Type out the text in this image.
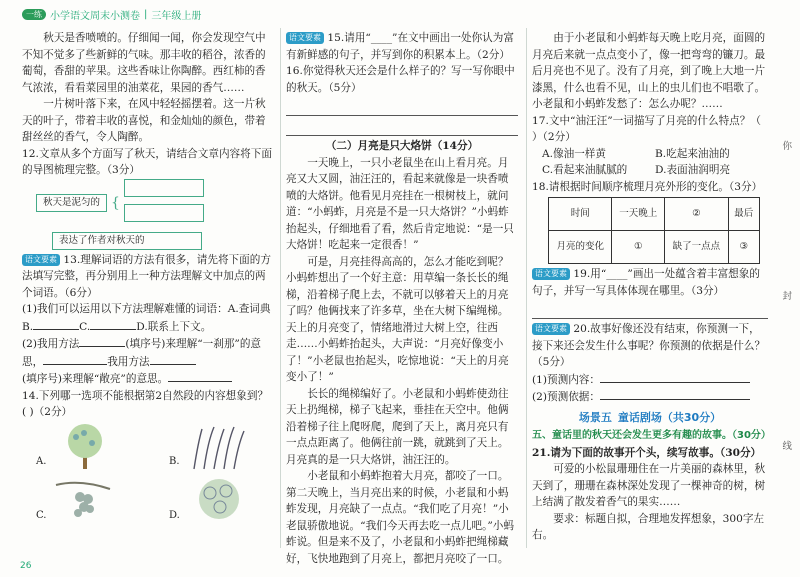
一练 小学语文周末小测卷 | 三年级上册

秋天是香喷喷的。仔细闻一闻，你会发现空气中不知不觉多了些新鲜的气味。那丰收的稻谷，浓香的葡萄，香甜的苹果。这些香味让你陶醉。西红柿的香气浓浓，看看菜园里的油菜花，果园的香气……

一片树叶落下来，在风中轻轻摇摆着。这一片秋天的叶子，带着丰收的喜悦，和金灿灿的颜色，带着甜丝丝的香气，令人陶醉。

12.文章从多个方面写了秋天，请结合文章内容将下面的导图梳理完整。（3分）

秋天是泥匀的 {

表达了作者对秋天的

语文要素 13.理解词语的方法有很多，请先将下面的方法填写完整，再分别用上一种方法理解文中加点的两个词语。（6分）

(1)我们可以运用以下方法理解难懂的词语：A.查词典 B.	C.	D.联系上下文。

(2)我用方法	(填序号)来理解“一刹那”的意思，	我用方法

(填序号)来理解“敞亮”的意思。

14.下列哪一选项不能根据第2自然段的内容想象到？

( )（2分）

A.	B.
C.	D.

语文要素 15.请用“____”在文中画出一处你认为富有新鲜感的句子，并写到你的积累本上。（2分）

16.你觉得秋天还会是什么样子的？写一写你眼中的秋天。（5分）

（二）月亮是只大烙饼（14分）

一天晚上，一只小老鼠坐在山上看月亮。月亮又大又圆，油汪汪的，看起来就像是一块香喷喷的大烙饼。他看见月亮挂在一根树枝上，就问道：“小蚂蚱，月亮是不是一只大烙饼？”小蚂蚱抬起头，仔细地看了看，然后肯定地说：“是一只大烙饼！吃起来一定很香！”

可是，月亮挂得高高的，怎么才能吃到呢？小蚂蚱想出了一个好主意：用草编一条长长的绳梯，沿着梯子爬上去，不就可以够着天上的月亮了吗？他俩找来了许多草，坐在大树下编绳梯。天上的月亮变了，情绪地滑过大树上空，往西走……小蚂蚱抬起头，大声说：“月亮好像变小了！”小老鼠也抬起头，吃惊地说：“天上的月亮变小了！”

长长的绳梯编好了。小老鼠和小蚂蚱使劲往天上扔绳梯，梯子飞起来，垂挂在天空中。他俩沿着梯子往上爬呀爬，爬到了天上，离月亮只有一点点距离了。他俩往前一跳，就跳到了天上。月亮真的是一只大烙饼，油汪汪的。

小老鼠和小蚂蚱抱着大月亮，都咬了一口。第二天晚上，当月亮出来的时候，小老鼠和小蚂蚱发现，月亮缺了一点点。“我们吃了月亮！”小老鼠骄傲地说。“我们今天再去吃一点儿吧。”小蚂蚱说。但是来不及了，小老鼠和小蚂蚱把绳梯藏好，飞快地跑到了月亮上，都把月亮咬了一口。

由于小老鼠和小蚂蚱每天晚上吃月亮，面圆的月亮后来就一点点变小了，像一把弯弯的镰刀。最后月亮也不见了。没有了月亮，到了晚上大地一片漆黑，什么也看不见，山上的虫儿们也不唱歌了。小老鼠和小蚂蚱发愁了：怎么办呢？……

17.文中“油汪汪”一词描写了月亮的什么特点？（ ）（2分）

A.像油一样黄	B.吃起来油油的
C.看起来油腻腻的	D.表面油润明亮

18.请根据时间顺序梳理月亮外形的变化。（3分）

时间	一天晚上	②	最后
月亮的变化	①	缺了一点点	③

语文要素 19.用“____”画出一处蕴含着丰富想象的句子，并写一写具体体现在哪里。（3分）

语文要素 20.故事好像还没有结束，你预测一下，接下来还会发生什么事呢？你预测的依据是什么？（5分）

(1)预测内容：

(2)预测依据：

场景五 童话剧场（共30分）

五、童话里的秋天还会发生更多有趣的故事。（30分）

21.请为下面的故事开个头，续写故事。（30分）

可爱的小松鼠珊珊住在一片美丽的森林里，秋天到了，珊珊在森林深处发现了一棵神奇的树，树上结满了散发着香气的果实……

要求：标题自拟，合理地发挥想象，300字左右。

你
封
线
26
